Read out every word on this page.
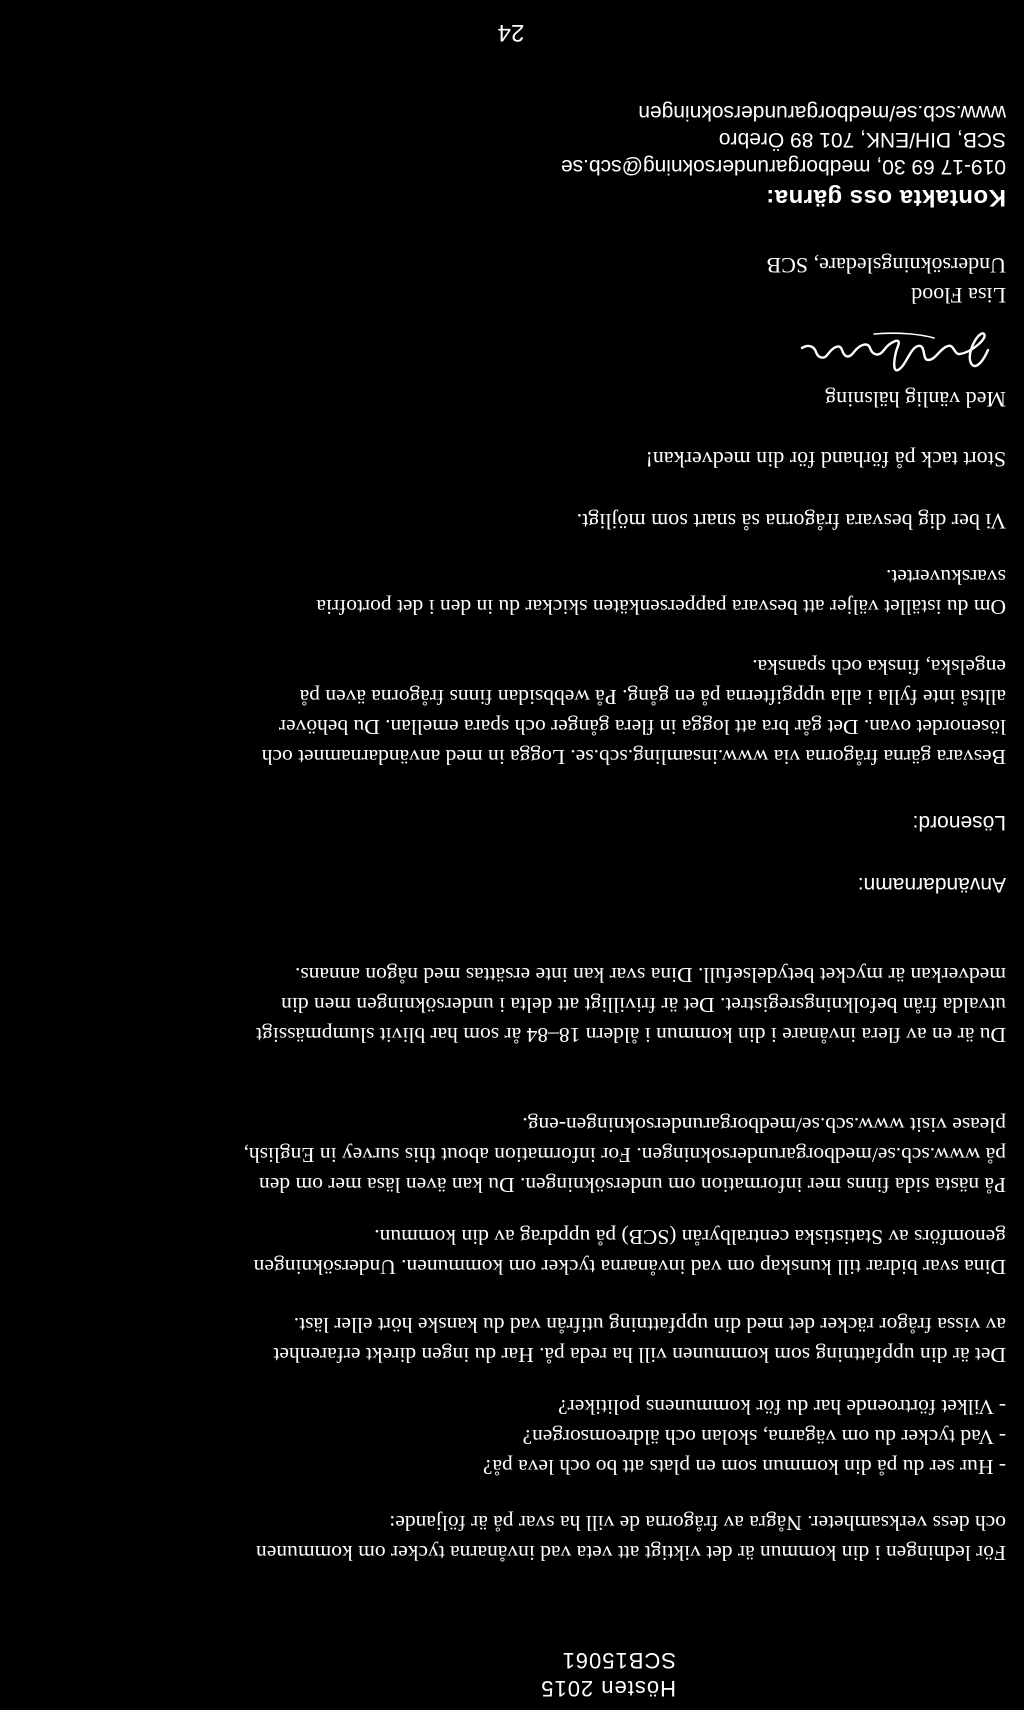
Hösten 2015
SCB15061
För ledningen i din kommun är det viktigt att veta vad invånarna tycker om kommunen
och dess verksamheter. Några av frågorna de vill ha svar på är följande:
- Hur ser du på din kommun som en plats att bo och leva på?
- Vad tycker du om vägarna, skolan och äldreomsorgen?
- Vilket förtroende har du för kommunens politiker?
Det är din uppfattning som kommunen vill ha reda på. Har du ingen direkt erfarenhet
av vissa frågor räcker det med din uppfattning utifrån vad du kanske hört eller läst.
Dina svar bidrar till kunskap om vad invånarna tycker om kommunen. Undersökningen
genomförs av Statistiska centralbyrån (SCB) på uppdrag av din kommun.
På nästa sida finns mer information om undersökningen. Du kan även läsa mer om den
på www.scb.se/medborgarundersokningen. For information about this survey in English,
please visit www.scb.se/medborgarundersokningen-eng.
Du är en av flera invånare i din kommun i åldern 18–84 år som har blivit slumpmässigt
utvalda från befolkningsregistret. Det är frivilligt att delta i undersökningen men din
medverkan är mycket betydelsefull. Dina svar kan inte ersättas med någon annans.
Användarnamn:
Lösenord:
Besvara gärna frågorna via www.insamling.scb.se. Logga in med användarnamnet och
lösenordet ovan. Det går bra att logga in flera gånger och spara emellan. Du behöver
alltså inte fylla i alla uppgifterna på en gång. På webbsidan finns frågorna även på
engelska, finska och spanska.
Om du istället väljer att besvara pappersenkäten skickar du in den i det portofria
svarskuvertet.
Vi ber dig besvara frågorna så snart som möjligt.
Stort tack på förhand för din medverkan!
Med vänlig hälsning
Lisa Flood
Undersökningsledare, SCB
Kontakta oss gärna:
019-17 69 30, medborgarundersokning@scb.se
SCB, DIH/ENK, 701 89 Örebro
www.scb.se/medborgarundersokningen
24
